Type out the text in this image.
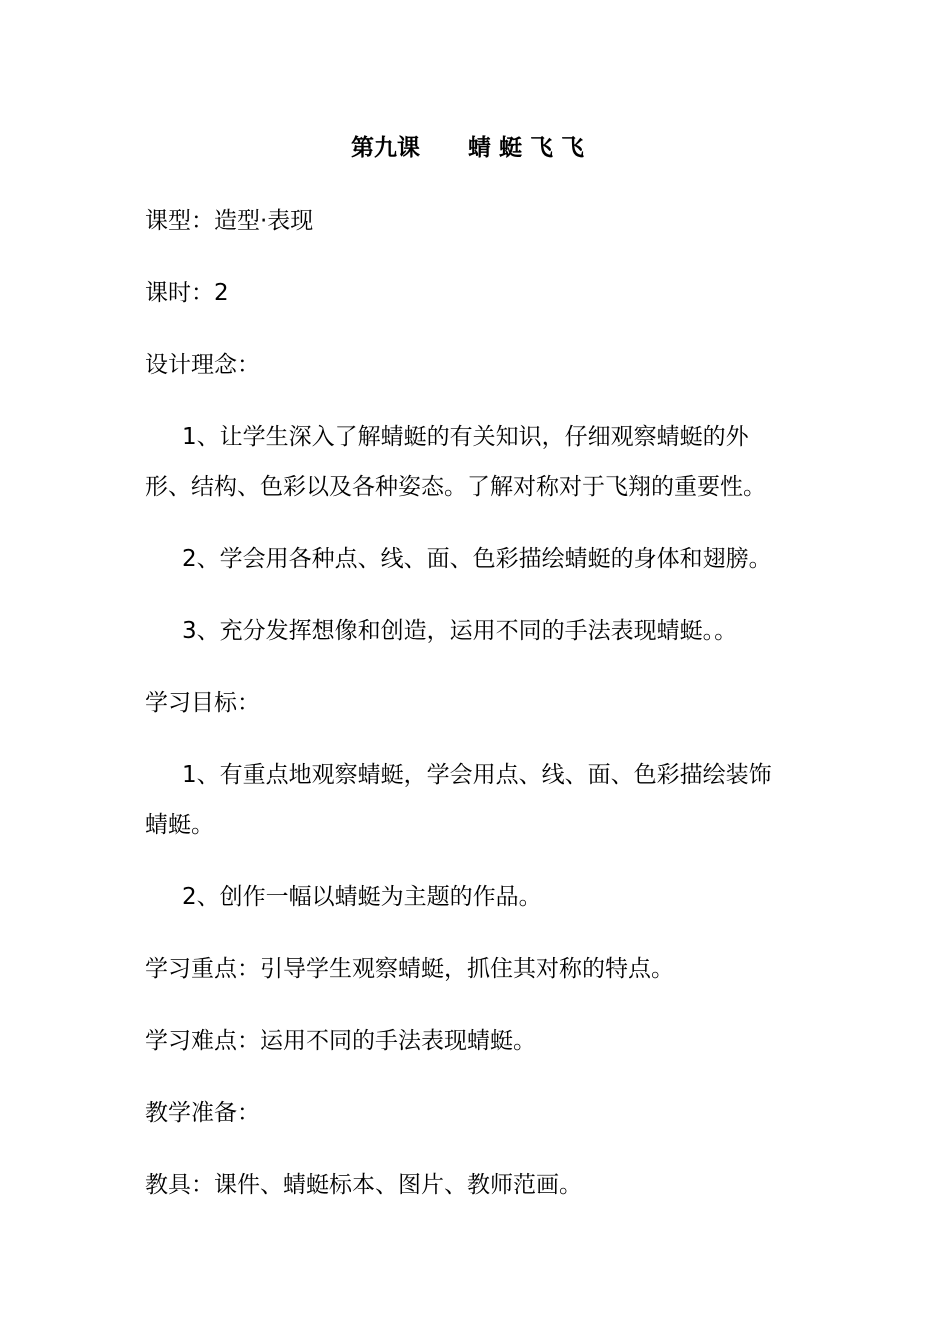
第九课      蜻 蜓 飞 飞
课型：造型·表现
课时：2
设计理念：
1、让学生深入了解蜻蜓的有关知识，仔细观察蜻蜓的外
形、结构、色彩以及各种姿态。了解对称对于飞翔的重要性。
2、学会用各种点、线、面、色彩描绘蜻蜓的身体和翅膀。
3、充分发挥想像和创造，运用不同的手法表现蜻蜓。。
学习目标：
1、有重点地观察蜻蜓，学会用点、线、面、色彩描绘装饰
蜻蜓。
2、创作一幅以蜻蜓为主题的作品。
学习重点：引导学生观察蜻蜓，抓住其对称的特点。
学习难点：运用不同的手法表现蜻蜓。
教学准备：
教具：课件、蜻蜓标本、图片、教师范画。
